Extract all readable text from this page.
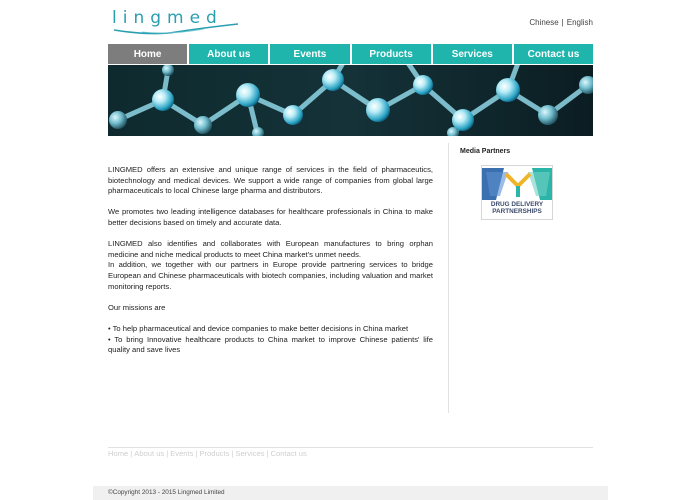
lingmed	Chinese | English
Home	About us	Events	Products	Services	Contact us

LINGMED offers an extensive and unique range of services in the field of pharmaceutics, biotechnology and medical devices. We support a wide range of companies from global large pharmaceuticals to local Chinese large pharma and distributors.

We promotes two leading intelligence databases for healthcare professionals in China to make better decisions based on timely and accurate data.

LINGMED also identifies and collaborates with European manufactures to bring orphan medicine and niche medical products to meet China market's unmet needs.

In addition, we together with our partners in Europe provide partnering services to bridge European and Chinese pharmaceuticals with biotech companies, including valuation and market monitoring reports.

Our missions are

• To help pharmaceutical and device companies to make better decisions in China market

• To bring Innovative healthcare products to China market to improve Chinese patients' life quality and save lives

Media Partners
DRUG DELIVERY
PARTNERSHIPS
Home | About us | Events | Products | Services | Contact us
©Copyright 2013 - 2015 Lingmed Limited
